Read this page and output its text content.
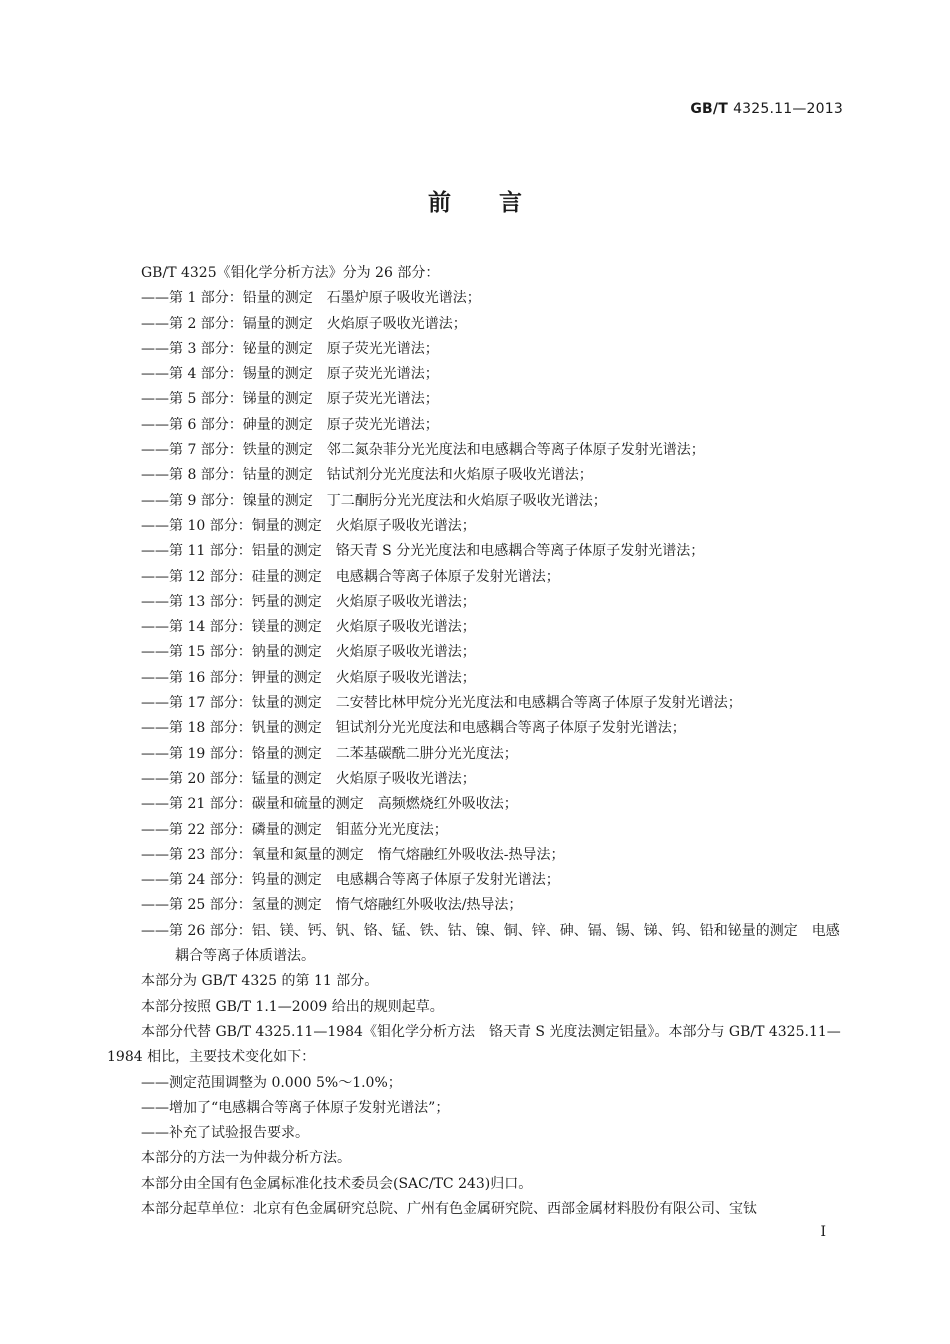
GB/T 4325.11—2013
前言

GB/T 4325《钼化学分析方法》分为 26 部分：

——第 1 部分：铅量的测定　石墨炉原子吸收光谱法；

——第 2 部分：镉量的测定　火焰原子吸收光谱法；

——第 3 部分：铋量的测定　原子荧光光谱法；

——第 4 部分：锡量的测定　原子荧光光谱法；

——第 5 部分：锑量的测定　原子荧光光谱法；

——第 6 部分：砷量的测定　原子荧光光谱法；

——第 7 部分：铁量的测定　邻二氮杂菲分光光度法和电感耦合等离子体原子发射光谱法；

——第 8 部分：钴量的测定　钴试剂分光光度法和火焰原子吸收光谱法；

——第 9 部分：镍量的测定　丁二酮肟分光光度法和火焰原子吸收光谱法；

——第 10 部分：铜量的测定　火焰原子吸收光谱法；

——第 11 部分：铝量的测定　铬天青 S 分光光度法和电感耦合等离子体原子发射光谱法；

——第 12 部分：硅量的测定　电感耦合等离子体原子发射光谱法；

——第 13 部分：钙量的测定　火焰原子吸收光谱法；

——第 14 部分：镁量的测定　火焰原子吸收光谱法；

——第 15 部分：钠量的测定　火焰原子吸收光谱法；

——第 16 部分：钾量的测定　火焰原子吸收光谱法；

——第 17 部分：钛量的测定　二安替比林甲烷分光光度法和电感耦合等离子体原子发射光谱法；

——第 18 部分：钒量的测定　钽试剂分光光度法和电感耦合等离子体原子发射光谱法；

——第 19 部分：铬量的测定　二苯基碳酰二肼分光光度法；

——第 20 部分：锰量的测定　火焰原子吸收光谱法；

——第 21 部分：碳量和硫量的测定　高频燃烧红外吸收法；

——第 22 部分：磷量的测定　钼蓝分光光度法；

——第 23 部分：氧量和氮量的测定　惰气熔融红外吸收法-热导法；

——第 24 部分：钨量的测定　电感耦合等离子体原子发射光谱法；

——第 25 部分：氢量的测定　惰气熔融红外吸收法/热导法；

——第 26 部分：铝、镁、钙、钒、铬、锰、铁、钴、镍、铜、锌、砷、镉、锡、锑、钨、铅和铋量的测定　电感耦合等离子体质谱法。

本部分为 GB/T 4325 的第 11 部分。

本部分按照 GB/T 1.1—2009 给出的规则起草。

本部分代替 GB/T 4325.11—1984《钼化学分析方法　铬天青 S 光度法测定铝量》。本部分与 GB/T 4325.11—1984 相比，主要技术变化如下：

——测定范围调整为 0.000 5%～1.0%；

——增加了“电感耦合等离子体原子发射光谱法”；

——补充了试验报告要求。

本部分的方法一为仲裁分析方法。

本部分由全国有色金属标准化技术委员会(SAC/TC 243)归口。

本部分起草单位：北京有色金属研究总院、广州有色金属研究院、西部金属材料股份有限公司、宝钛

I
